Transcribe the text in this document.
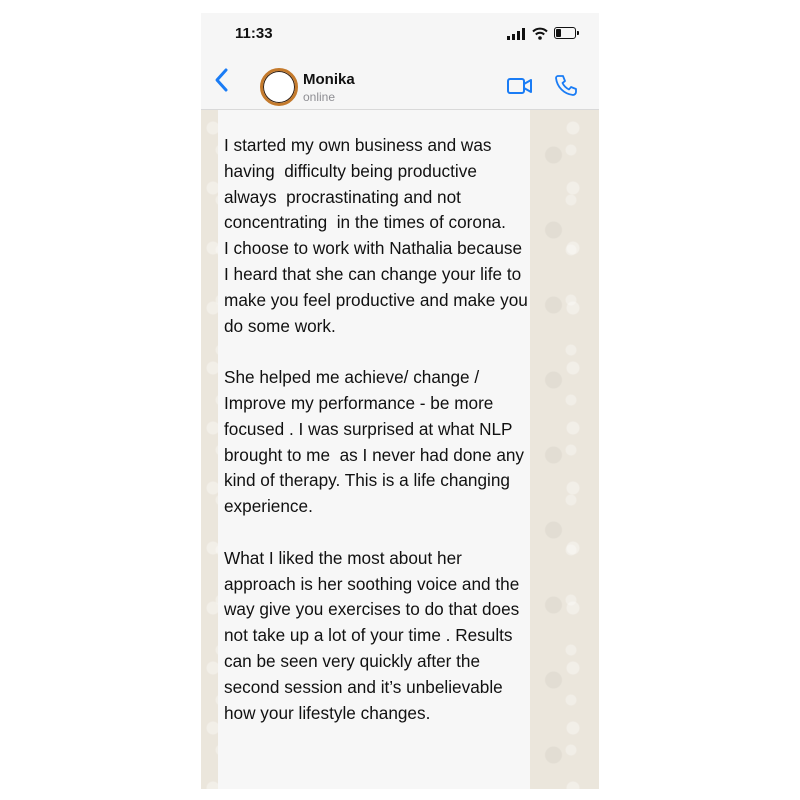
11:33
Monika
online

I started my own business and was having  difficulty being productive always  procrastinating and not concentrating  in the times of corona.
I choose to work with Nathalia because I heard that she can change your life to make you feel productive and make you do some work.

She helped me achieve/ change / Improve my performance - be more focused . I was surprised at what NLP brought to me  as I never had done any kind of therapy. This is a life changing experience.

What I liked the most about her approach is her soothing voice and the way give you exercises to do that does not take up a lot of your time . Results can be seen very quickly after the second session and it’s unbelievable how your lifestyle changes.
